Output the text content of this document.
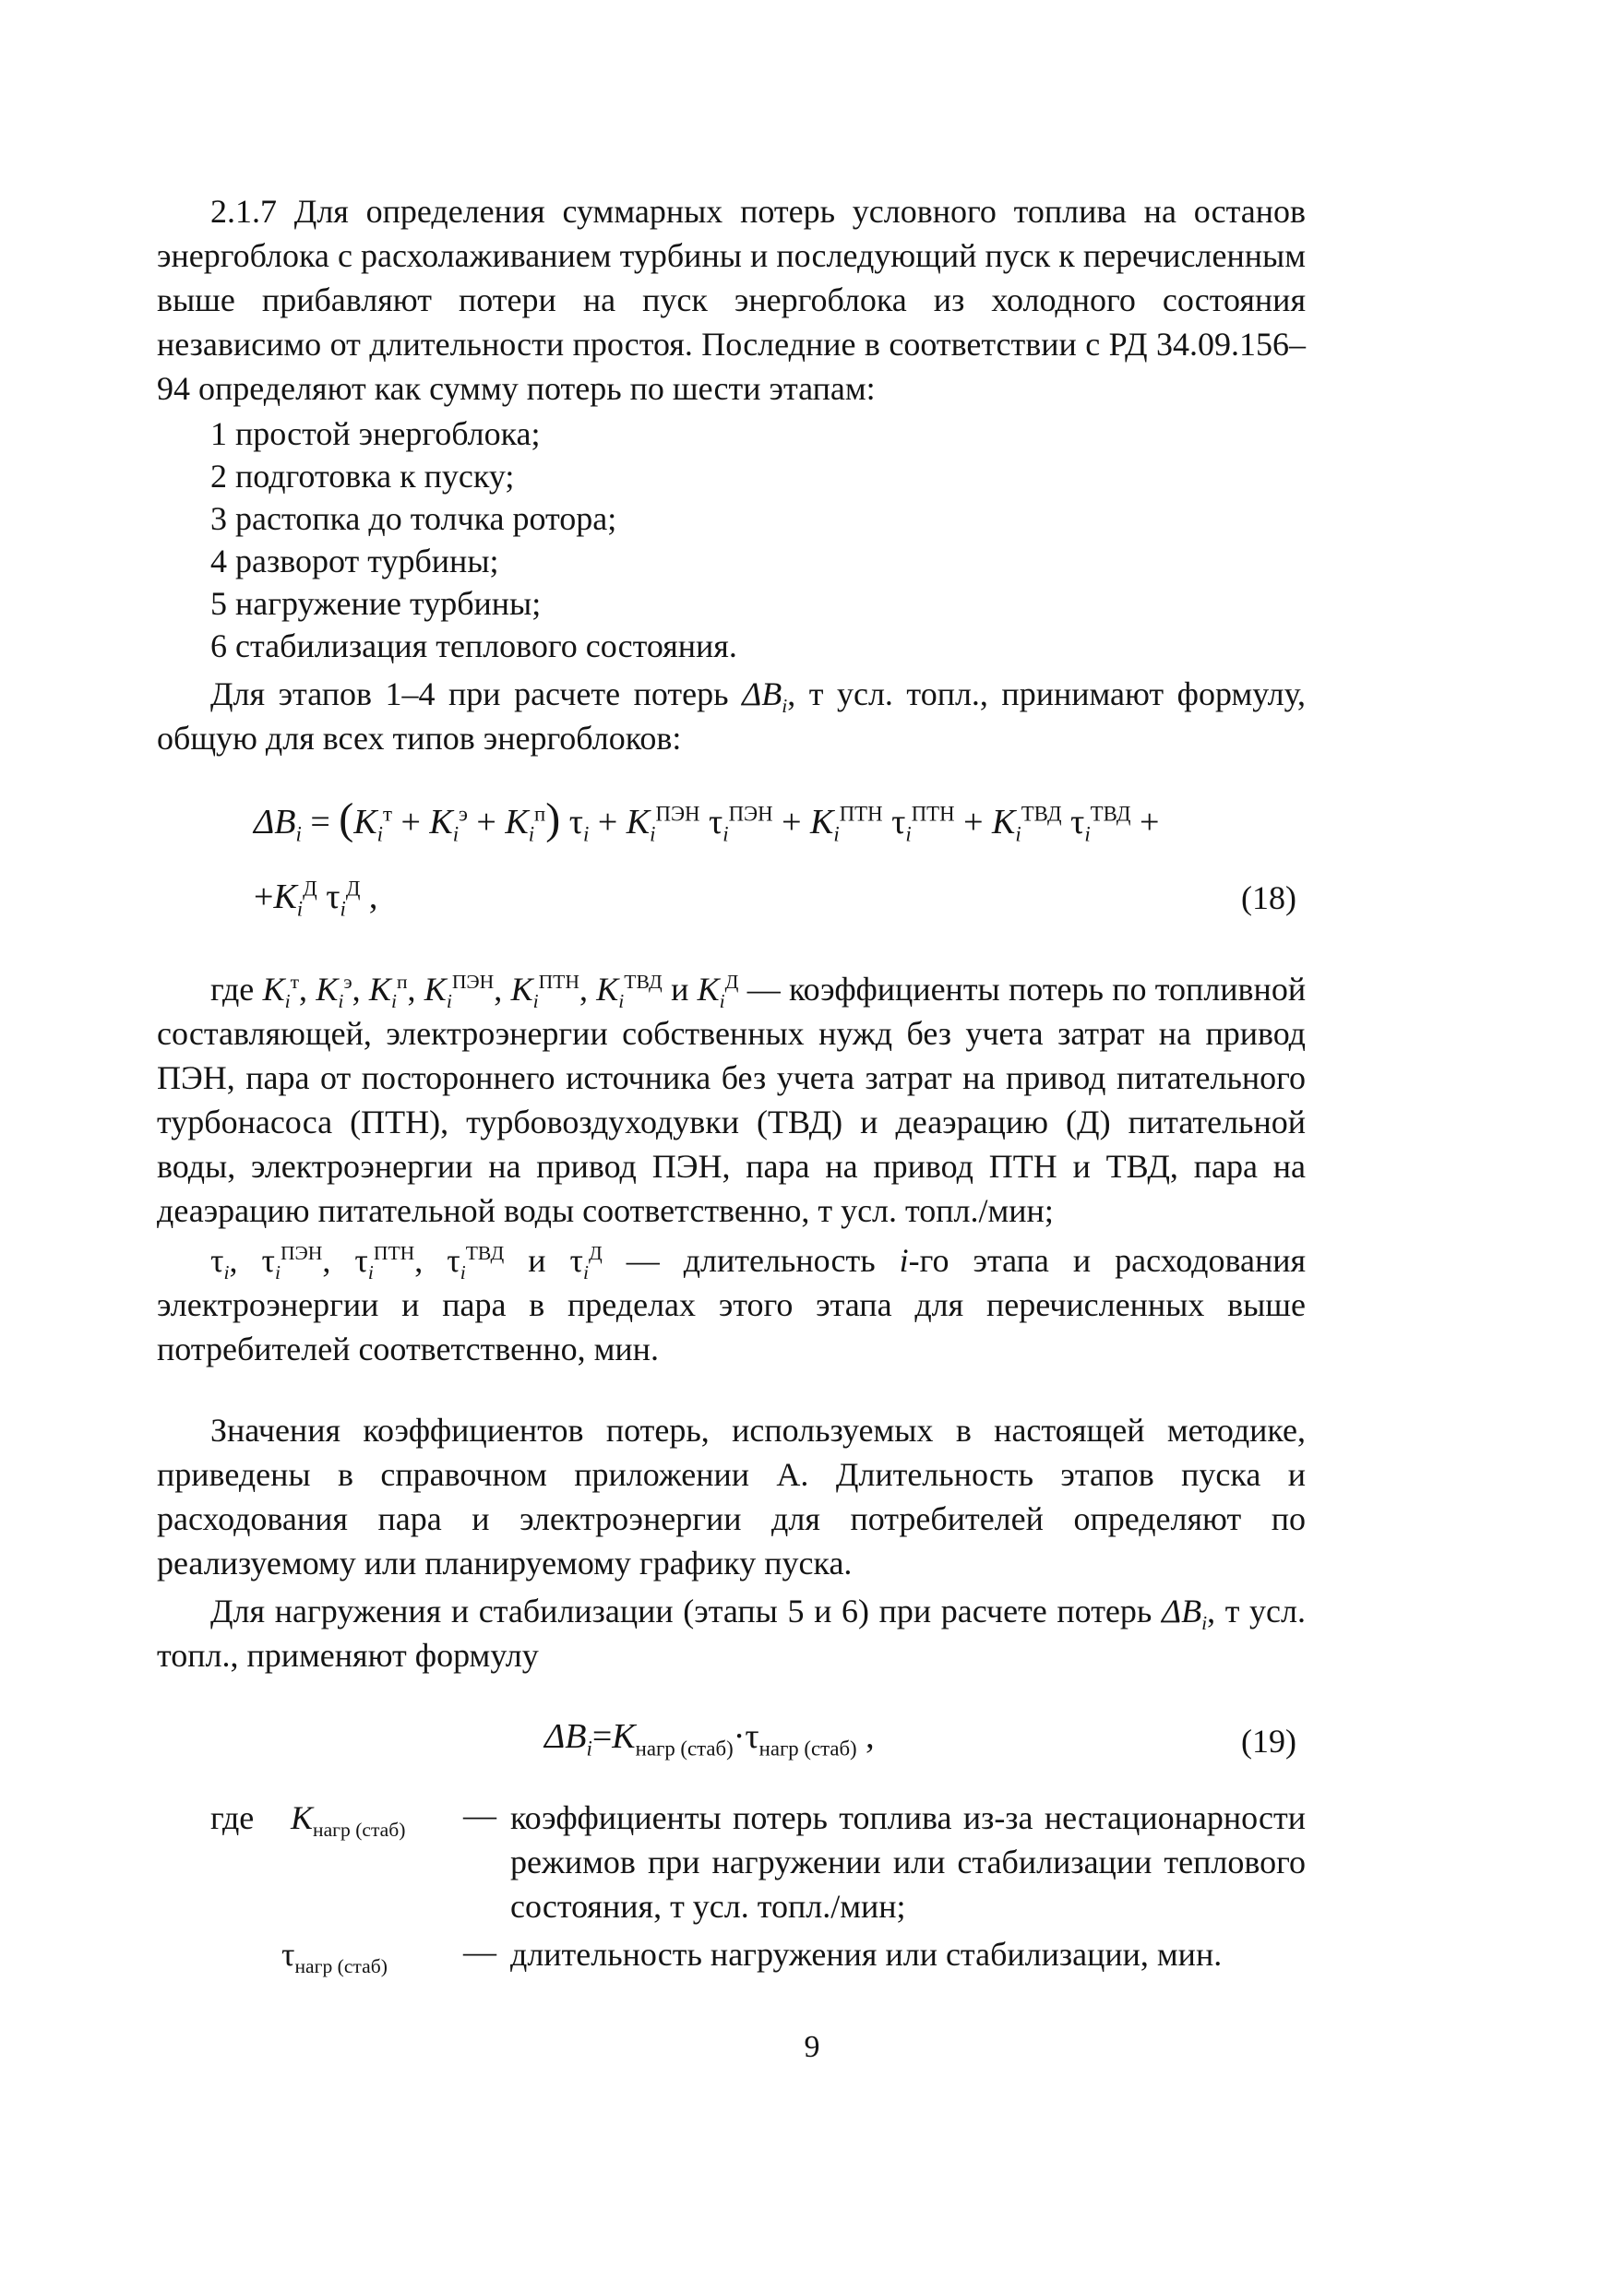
2.1.7 Для определения суммарных потерь условного топлива на останов энергоблока с расхолаживанием турбины и последующий пуск к перечисленным выше прибавляют потери на пуск энергоблока из холодного состояния независимо от длительности простоя. Последние в соответствии с РД 34.09.156–94 определяют как сумму потерь по шести этапам:

1 простой энергоблока;
2 подготовка к пуску;
3 растопка до толчка ротора;
4 разворот турбины;
5 нагружение турбины;
6 стабилизация теплового состояния.

Для этапов 1–4 при расчете потерь $\Delta B_i$, т усл. топл., принимают формулу, общую для всех типов энергоблоков:

$\Delta B_i = (K_i^т + K_i^э + K_i^п) \tau_i + K_i^{ПЭН}$ $\tau_i^{ПЭН} + K_i^{ПТН}$ $\tau_i^{ПТН} + K_i^{ТВД}$ $\tau_i^{ТВД}$ +
$+K_i^Д$ $\tau_i^Д$ ,	(18)

где $K_i^т$, $K_i^э$, $K_i^п$, $K_i^{ПЭН}$, $K_i^{ПТН}$, $K_i^{ТВД}$ и $K_i^Д$ — коэффициенты потерь по топливной составляющей, электроэнергии собственных нужд без учета затрат на привод ПЭН, пара от постороннего источника без учета затрат на привод питательного турбонасоса (ПТН), турбовоздуходувки (ТВД) и деаэрацию (Д) питательной воды, электроэнергии на привод ПЭН, пара на привод ПТН и ТВД, пара на деаэрацию питательной воды соответственно, т усл. топл./мин;

$\tau_i$, $\tau_i^{ПЭН}$, $\tau_i^{ПТН}$, $\tau_i^{ТВД}$ и $\tau_i^Д$ — длительность i-го этапа и расходования электроэнергии и пара в пределах этого этапа для перечисленных выше потребителей соответственно, мин.

Значения коэффициентов потерь, используемых в настоящей методике, приведены в справочном приложении А. Длительность этапов пуска и расходования пара и электроэнергии для потребителей определяют по реализуемому или планируемому графику пуска.

Для нагружения и стабилизации (этапы 5 и 6) при расчете потерь $\Delta B_i$, т усл. топл., применяют формулу

$\Delta B_i=K_{нагр (стаб)}\cdot\tau_{нагр (стаб)}$ ,	(19)
где $K_{нагр (стаб)}$ — коэффициенты потерь топлива из-за нестационарности режимов при нагружении или стабилизации теплового состояния, т усл. топл./мин;
$\tau_{нагр (стаб)}$ — длительность нагружения или стабилизации, мин.
9
